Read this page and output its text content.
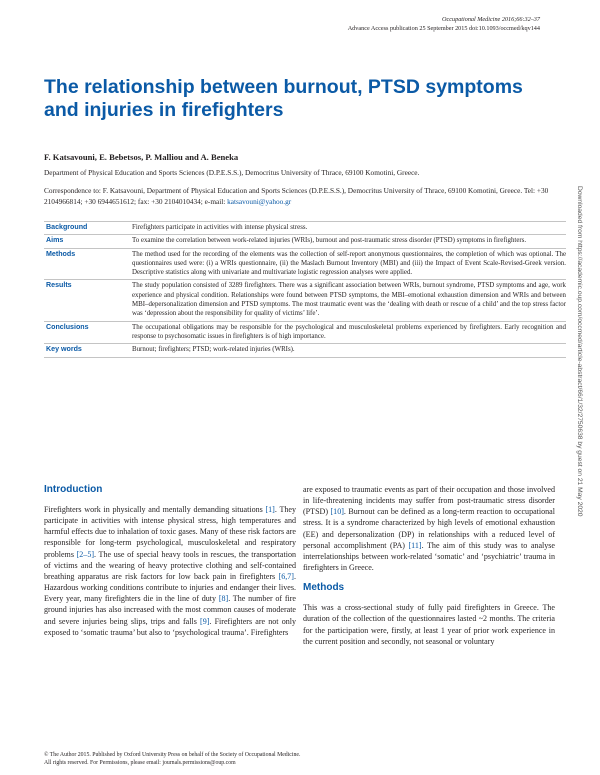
Occupational Medicine 2016;66:32–37
Advance Access publication 25 September 2015 doi:10.1093/occmed/kqv144
The relationship between burnout, PTSD symptoms and injuries in firefighters

F. Katsavouni, E. Bebetsos, P. Malliou and A. Beneka

Department of Physical Education and Sports Sciences (D.P.E.S.S.), Democritus University of Thrace, 69100 Komotini, Greece.
Correspondence to: F. Katsavouni, Department of Physical Education and Sports Sciences (D.P.E.S.S.), Democritus University of Thrace, 69100 Komotini, Greece. Tel: +30 2104966814; +30 6944651612; fax: +30 2104010434; e-mail: katsavouni@yahoo.gr
Background	Firefighters participate in activities with intense physical stress.
Aims	To examine the correlation between work-related injuries (WRIs), burnout and post-traumatic stress disorder (PTSD) symptoms in firefighters.
Methods	The method used for the recording of the elements was the collection of self-report anonymous questionnaires, the completion of which was optional. The questionnaires used were: (i) a WRIs questionnaire, (ii) the Maslach Burnout Inventory (MBI) and (iii) the Impact of Event Scale-Revised-Greek version. Descriptive statistics along with univariate and multivariate logistic regression analyses were applied.
Results	The study population consisted of 3289 firefighters. There was a significant association between WRIs, burnout syndrome, PTSD symptoms and age, work experience and physical condition. Relationships were found between PTSD symptoms, the MBI–emotional exhaustion dimension and WRIs and between MBI–depersonalization dimension and PTSD symptoms. The most traumatic event was the ‘dealing with death or rescue of a child’ and the top stress factor was ‘depression about the responsibility for quality of victims’ life’.
Conclusions	The occupational obligations may be responsible for the psychological and musculoskeletal problems experienced by firefighters. Early recognition and response to psychosomatic issues in firefighters is of high importance.
Key words	Burnout; firefighters; PTSD; work-related injuries (WRIs).
Introduction

Firefighters work in physically and mentally demanding situations [1]. They participate in activities with intense physical stress, high temperatures and harmful effects due to inhalation of toxic gases. Many of these risk factors are responsible for long-term psychological, musculoskeletal and respiratory problems [2–5]. The use of special heavy tools in rescues, the transportation of victims and the wearing of heavy protective clothing and self-contained breathing apparatus are risk factors for low back pain in firefighters [6,7]. Hazardous working conditions contribute to injuries and endanger their lives. Every year, many firefighters die in the line of duty [8]. The number of fire ground injuries has also increased with the most common causes of moderate and severe injuries being slips, trips and falls [9]. Firefighters are not only exposed to ‘somatic trauma’ but also to ‘psychological trauma’. Firefighters

are exposed to traumatic events as part of their occupation and those involved in life-threatening incidents may suffer from post-traumatic stress disorder (PTSD) [10]. Burnout can be defined as a long-term reaction to occupational stress. It is a syndrome characterized by high levels of emotional exhaustion (EE) and depersonalization (DP) in relationships with a reduced level of personal accomplishment (PA) [11]. The aim of this study was to analyse interrelationships between work-related ‘somatic’ and ‘psychiatric’ trauma in firefighters in Greece.

Methods

This was a cross-sectional study of fully paid firefighters in Greece. The duration of the collection of the questionnaires lasted ~2 months. The criteria for the participation were, firstly, at least 1 year of prior work experience in the current position and secondly, not seasonal or voluntary

© The Author 2015. Published by Oxford University Press on behalf of the Society of Occupational Medicine.
All rights reserved. For Permissions, please email: journals.permissions@oup.com
Downloaded from https://academic.oup.com/occmed/article-abstract/66/1/32/2750638 by guest on 21 May 2020
